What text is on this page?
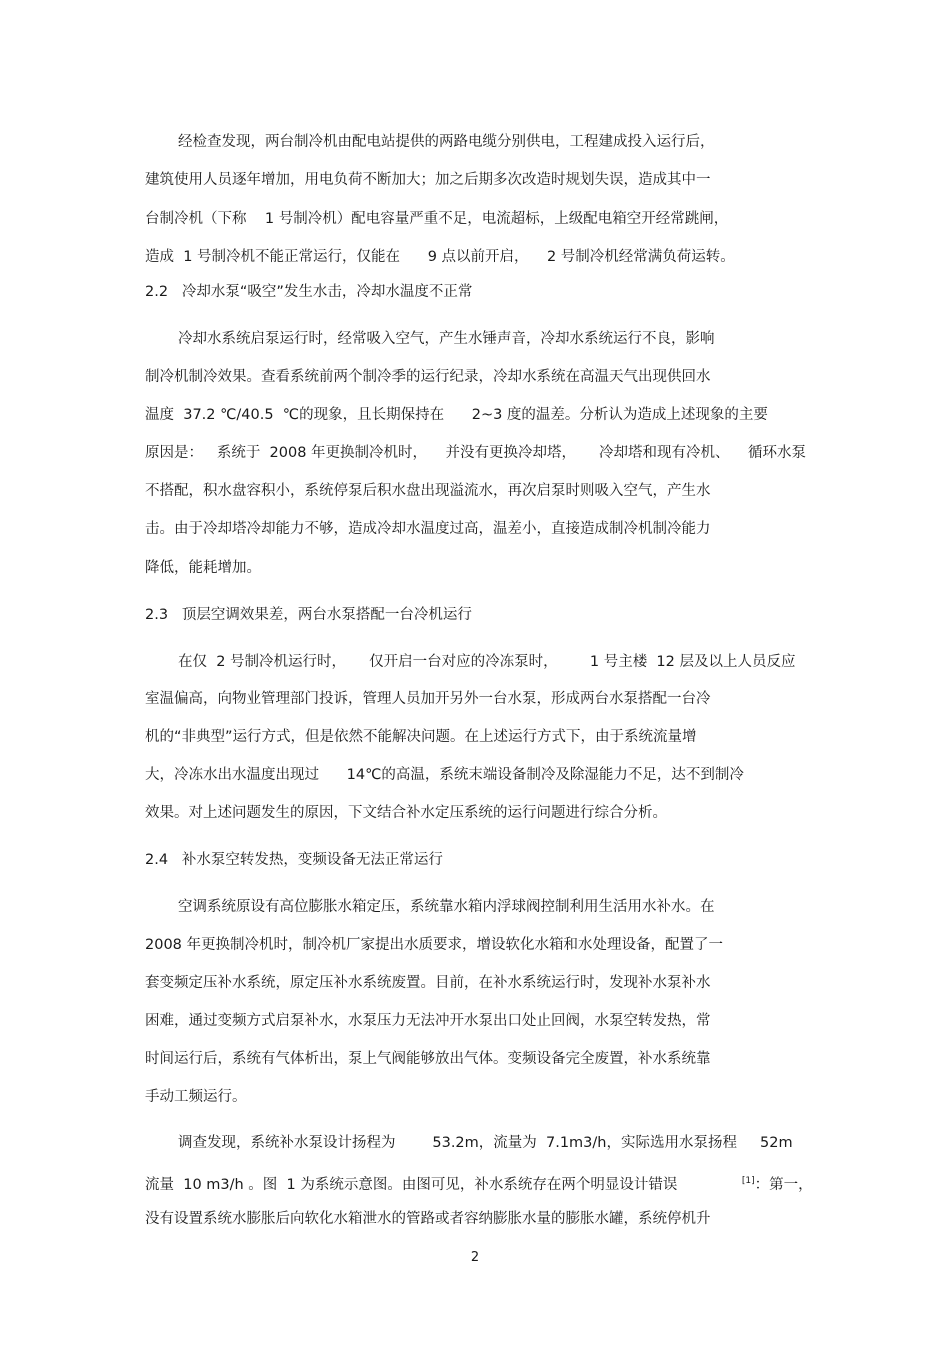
经检查发现，两台制冷机由配电站提供的两路电缆分别供电，工程建成投入运行后，
建筑使用人员逐年增加，用电负荷不断加大；加之后期多次改造时规划失误，造成其中一
台制冷机（下称    1 号制冷机）配电容量严重不足，电流超标，上级配电箱空开经常跳闸，
造成  1 号制冷机不能正常运行，仅能在      9 点以前开启，    2 号制冷机经常满负荷运转。
2.2   冷却水泵“吸空”发生水击，冷却水温度不正常
冷却水系统启泵运行时，经常吸入空气，产生水锤声音，冷却水系统运行不良，影响
制冷机制冷效果。查看系统前两个制冷季的运行纪录，冷却水系统在高温天气出现供回水
温度  37.2 ℃/40.5  ℃的现象，且长期保持在      2~3 度的温差。分析认为造成上述现象的主要
原因是：   系统于  2008 年更换制冷机时，    并没有更换冷却塔，     冷却塔和现有冷机、    循环水泵
不搭配，积水盘容积小，系统停泵后积水盘出现溢流水，再次启泵时则吸入空气，产生水
击。由于冷却塔冷却能力不够，造成冷却水温度过高，温差小，直接造成制冷机制冷能力
降低，能耗增加。
2.3   顶层空调效果差，两台水泵搭配一台冷机运行
在仅  2 号制冷机运行时，     仅开启一台对应的冷冻泵时，       1 号主楼  12 层及以上人员反应
室温偏高，向物业管理部门投诉，管理人员加开另外一台水泵，形成两台水泵搭配一台冷
机的“非典型”运行方式，但是依然不能解决问题。在上述运行方式下，由于系统流量增
大，冷冻水出水温度出现过      14℃的高温，系统末端设备制冷及除湿能力不足，达不到制冷
效果。对上述问题发生的原因，下文结合补水定压系统的运行问题进行综合分析。
2.4   补水泵空转发热，变频设备无法正常运行
空调系统原设有高位膨胀水箱定压，系统靠水箱内浮球阀控制利用生活用水补水。在
2008 年更换制冷机时，制冷机厂家提出水质要求，增设软化水箱和水处理设备，配置了一
套变频定压补水系统，原定压补水系统废置。目前，在补水系统运行时，发现补水泵补水
困难，通过变频方式启泵补水，水泵压力无法冲开水泵出口处止回阀，水泵空转发热，常
时间运行后，系统有气体析出，泵上气阀能够放出气体。变频设备完全废置，补水系统靠
手动工频运行。
调查发现，系统补水泵设计扬程为        53.2m，流量为  7.1m3/h，实际选用水泵扬程     52m
流量  10 m3/h 。图  1 为系统示意图。由图可见，补水系统存在两个明显设计错误              [1]：第一，
没有设置系统水膨胀后向软化水箱泄水的管路或者容纳膨胀水量的膨胀水罐，系统停机升
2
